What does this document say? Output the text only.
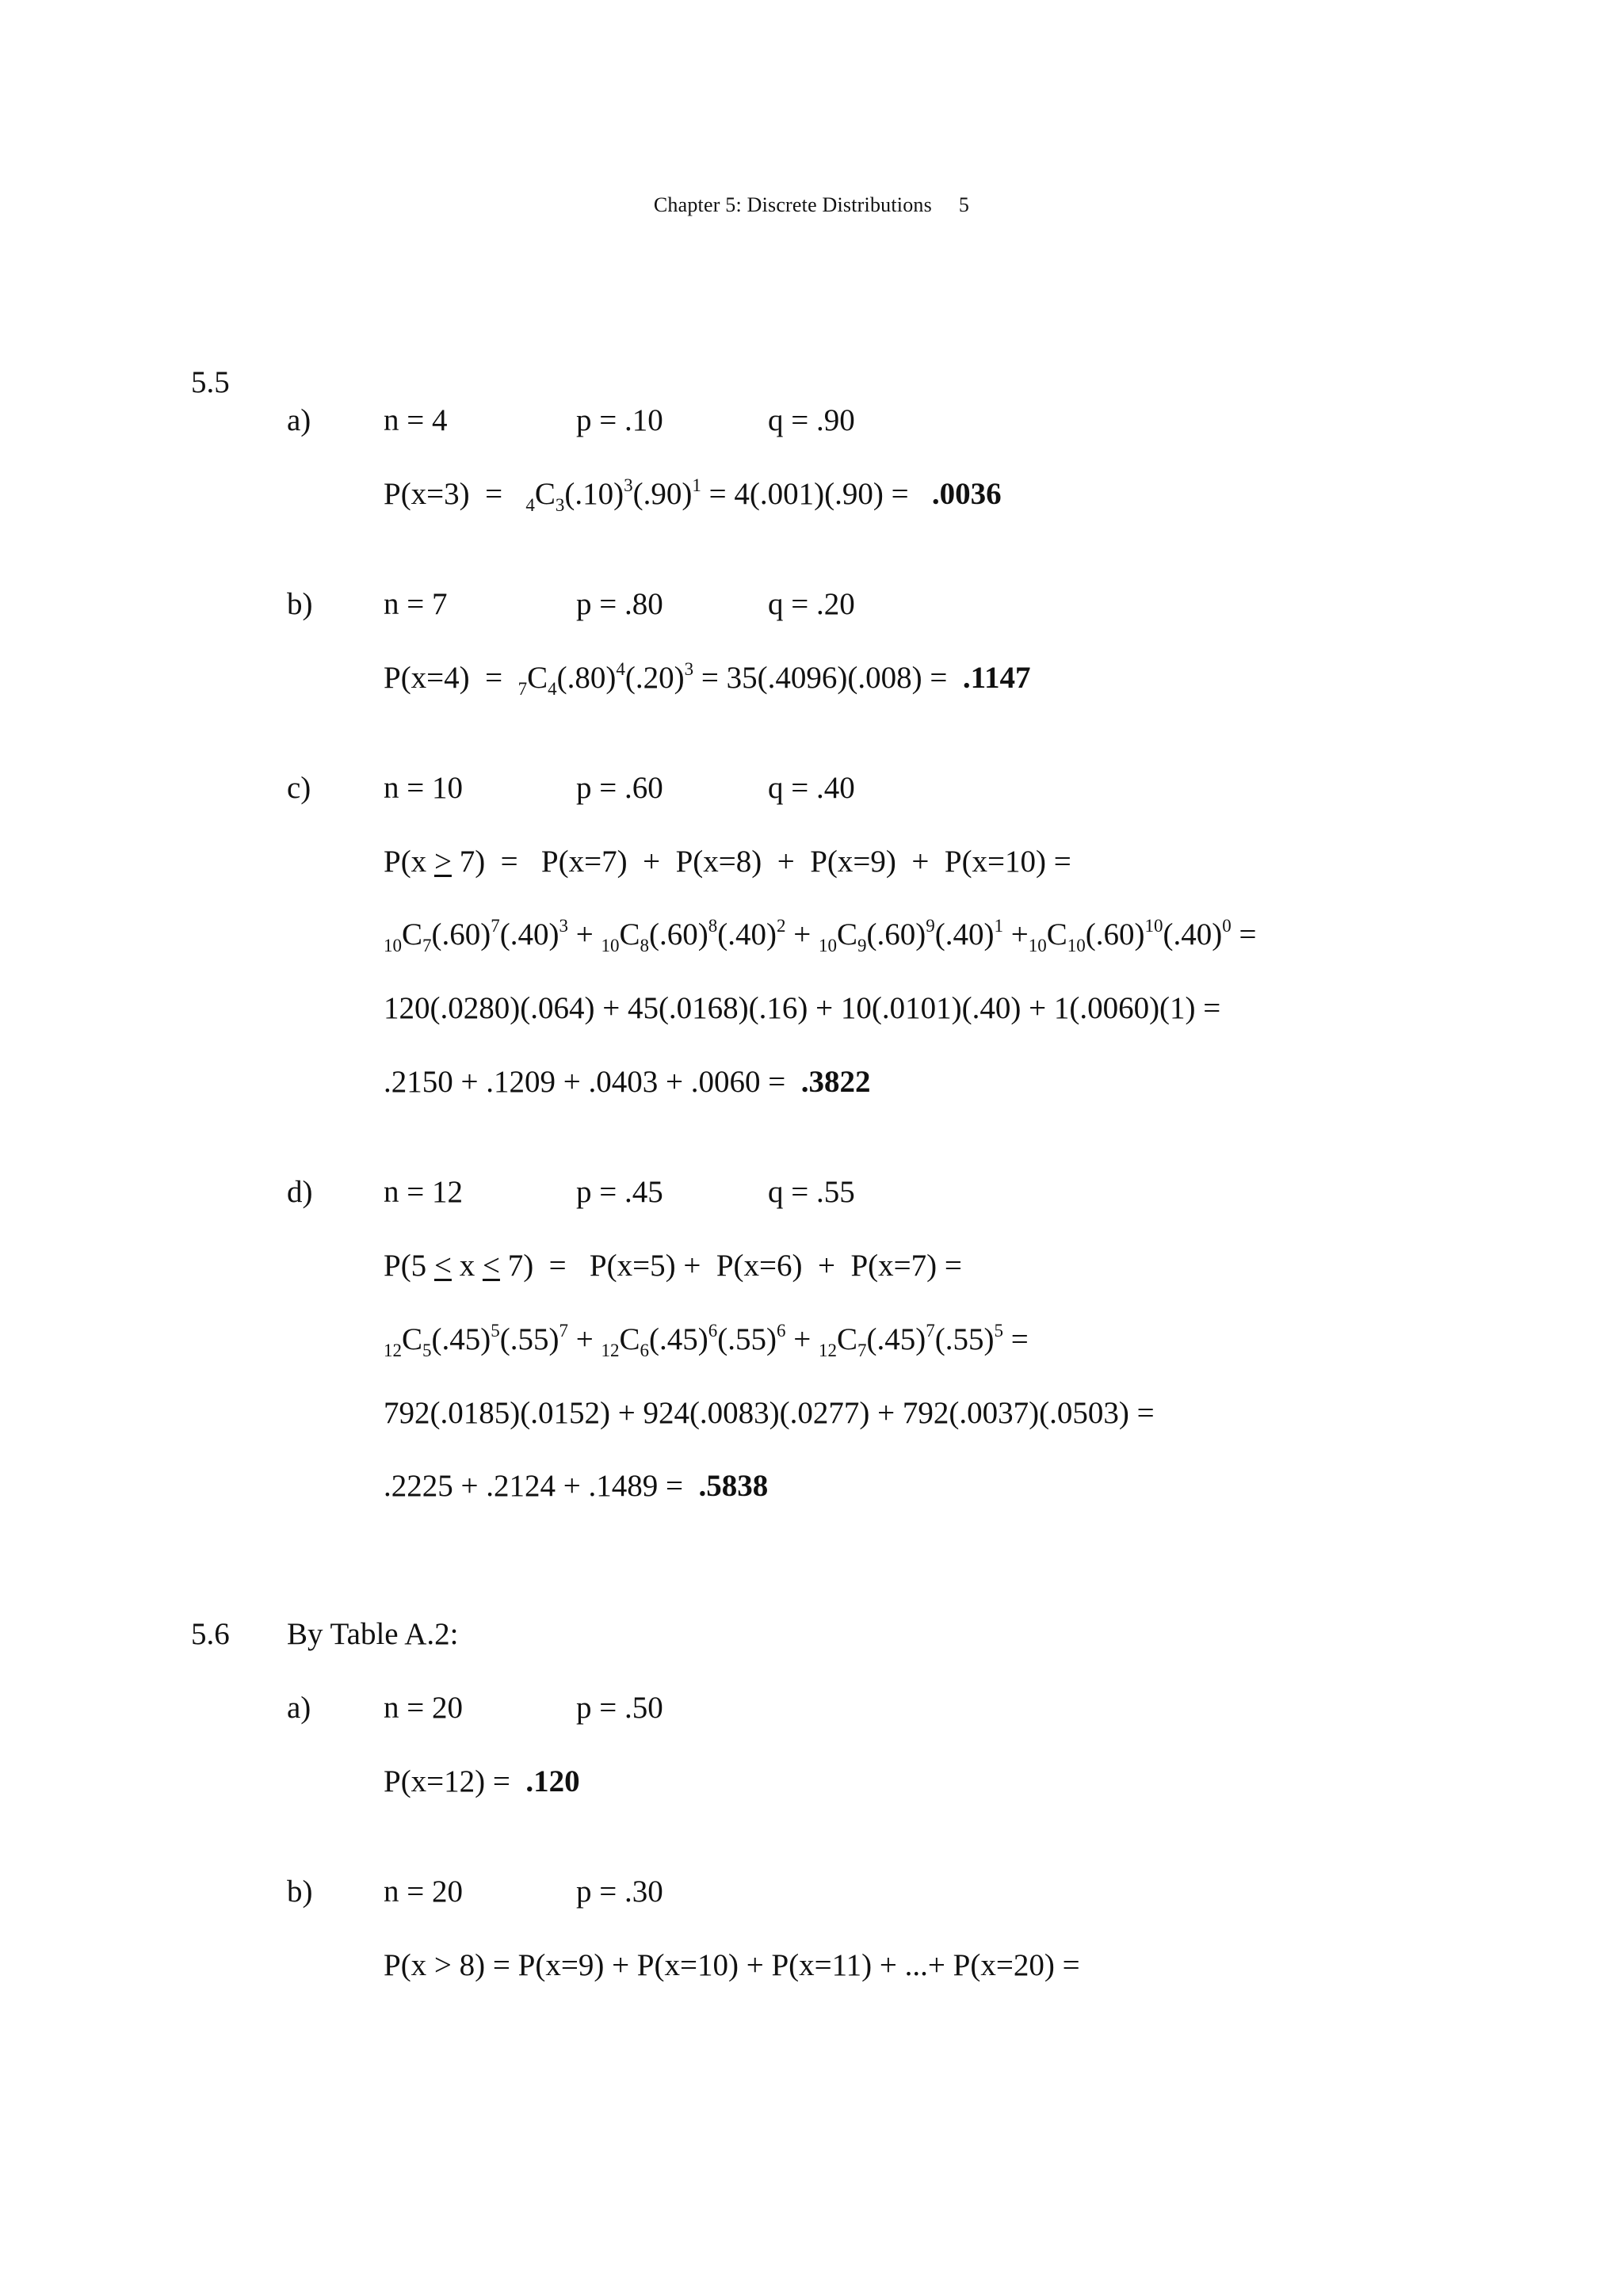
Chapter 5: Discrete Distributions 5
5.5
a) n = 4	p = .10	q = .90
$P(x=3) = _4C_3(.10)^3(.90)^1 = 4(.001)(.90) = .0036$
b) n = 7	p = .80	q = .20
$P(x=4) = _7C_4(.80)^4(.20)^3 = 35(.4096)(.008) = .1147$
c) n = 10	p = .60	q = .40
P(x > 7)  =   P(x=7)  +  P(x=8)  +  P(x=9)  +  P(x=10) =
$_{10}C_7(.60)^7(.40)^3 + _{10}C_8(.60)^8(.40)^2 + _{10}C_9(.60)^9(.40)^1 +_{10}C_{10}(.60)^{10}(.40)^0$ =
120(.0280)(.064) + 45(.0168)(.16) + 10(.0101)(.40) + 1(.0060)(1) =
.2150 + .1209 + .0403 + .0060 =  .3822
d) n = 12	p = .45	q = .55
P(5 < x < 7)  =   P(x=5) +  P(x=6)  +  P(x=7) =
$_{12}C_5(.45)^5(.55)^7 + _{12}C_6(.45)^6(.55)^6 + _{12}C_7(.45)^7(.55)^5$ =
792(.0185)(.0152) + 924(.0083)(.0277) + 792(.0037)(.0503) =
.2225 + .2124 + .1489 =  .5838
5.6 By Table A.2:
a) n = 20	p = .50
P(x=12) =  .120
b) n = 20	p = .30
P(x > 8) = P(x=9) + P(x=10) + P(x=11) + ...+ P(x=20) =
